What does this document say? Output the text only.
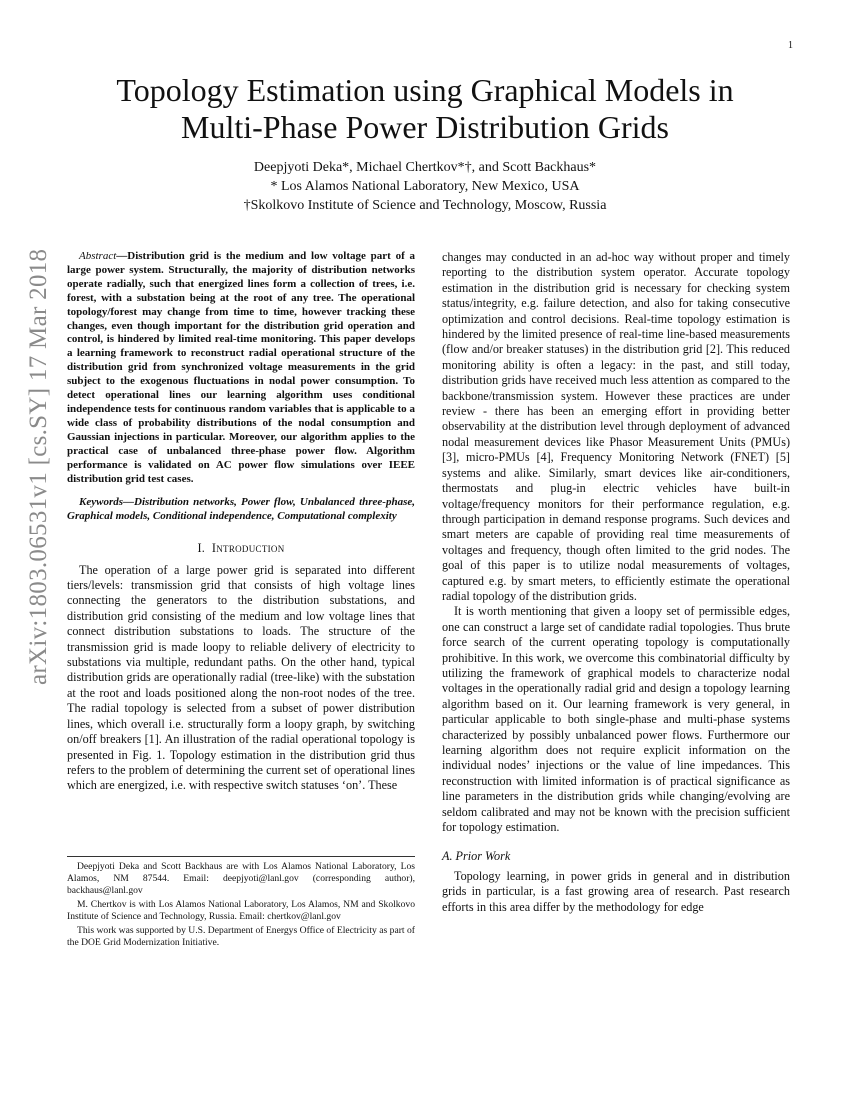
1
arXiv:1803.06531v1 [cs.SY] 17 Mar 2018
Topology Estimation using Graphical Models in
Multi-Phase Power Distribution Grids
Deepjyoti Deka*, Michael Chertkov*†, and Scott Backhaus*
* Los Alamos National Laboratory, New Mexico, USA
†Skolkovo Institute of Science and Technology, Moscow, Russia

Abstract—Distribution grid is the medium and low voltage part of a large power system. Structurally, the majority of distribution networks operate radially, such that energized lines form a collection of trees, i.e. forest, with a substation being at the root of any tree. The operational topology/forest may change from time to time, however tracking these changes, even though important for the distribution grid operation and control, is hindered by limited real-time monitoring. This paper develops a learning framework to reconstruct radial operational structure of the distribution grid from synchronized voltage measurements in the grid subject to the exogenous fluctuations in nodal power consumption. To detect operational lines our learning algorithm uses conditional independence tests for continuous random variables that is applicable to a wide class of probability distributions of the nodal consumption and Gaussian injections in particular. Moreover, our algorithm applies to the practical case of unbalanced three-phase power flow. Algorithm performance is validated on AC power flow simulations over IEEE distribution grid test cases.

Keywords—Distribution networks, Power flow, Unbalanced three-phase, Graphical models, Conditional independence, Computational complexity

I. Introduction

The operation of a large power grid is separated into different tiers/levels: transmission grid that consists of high voltage lines connecting the generators to the distribution substations, and distribution grid consisting of the medium and low voltage lines that connect distribution substations to loads. The structure of the transmission grid is made loopy to reliable delivery of electricity to substations via multiple, redundant paths. On the other hand, typical distribution grids are operationally radial (tree-like) with the substation at the root and loads positioned along the non-root nodes of the tree. The radial topology is selected from a subset of power distribution lines, which overall i.e. structurally form a loopy graph, by switching on/off breakers [1]. An illustration of the radial operational topology is presented in Fig. 1. Topology estimation in the distribution grid thus refers to the problem of determining the current set of operational lines which are energized, i.e. with respective switch statuses ‘on’. These

Deepjyoti Deka and Scott Backhaus are with Los Alamos National Laboratory, Los Alamos, NM 87544. Email: deepjyoti@lanl.gov (corresponding author), backhaus@lanl.gov

M. Chertkov is with Los Alamos National Laboratory, Los Alamos, NM and Skolkovo Institute of Science and Technology, Russia. Email: chertkov@lanl.gov

This work was supported by U.S. Department of Energys Office of Electricity as part of the DOE Grid Modernization Initiative.

changes may conducted in an ad-hoc way without proper and timely reporting to the distribution system operator. Accurate topology estimation in the distribution grid is necessary for checking system status/integrity, e.g. failure detection, and also for taking consecutive optimization and control decisions. Real-time topology estimation is hindered by the limited presence of real-time line-based measurements (flow and/or breaker statuses) in the distribution grid [2]. This reduced monitoring ability is often a legacy: in the past, and still today, distribution grids have received much less attention as compared to the backbone/transmission system. However these practices are under review - there has been an emerging effort in providing better observability at the distribution level through deployment of advanced nodal measurement devices like Phasor Measurement Units (PMUs) [3], micro-PMUs [4], Frequency Monitoring Network (FNET) [5] systems and alike. Similarly, smart devices like air-conditioners, thermostats and plug-in electric vehicles have built-in voltage/frequency monitors for their performance regulation, e.g. through participation in demand response programs. Such devices and smart meters are capable of providing real time measurements of voltages and frequency, though often limited to the grid nodes. The goal of this paper is to utilize nodal measurements of voltages, captured e.g. by smart meters, to efficiently estimate the operational radial topology of the distribution grids.

It is worth mentioning that given a loopy set of permissible edges, one can construct a large set of candidate radial topologies. Thus brute force search of the current operating topology is computationally prohibitive. In this work, we overcome this combinatorial difficulty by utilizing the framework of graphical models to characterize nodal voltages in the operationally radial grid and design a topology learning algorithm based on it. Our learning framework is very general, in particular applicable to both single-phase and multi-phase systems characterized by possibly unbalanced power flows. Furthermore our learning algorithm does not require explicit information on the individual nodes’ injections or the value of line impedances. This reconstruction with limited information is of practical significance as line parameters in the distribution grids while changing/evolving are seldom calibrated and may not be known with the precision sufficient for topology estimation.

A. Prior Work

Topology learning, in power grids in general and in distribution grids in particular, is a fast growing area of research. Past research efforts in this area differ by the methodology for edge
